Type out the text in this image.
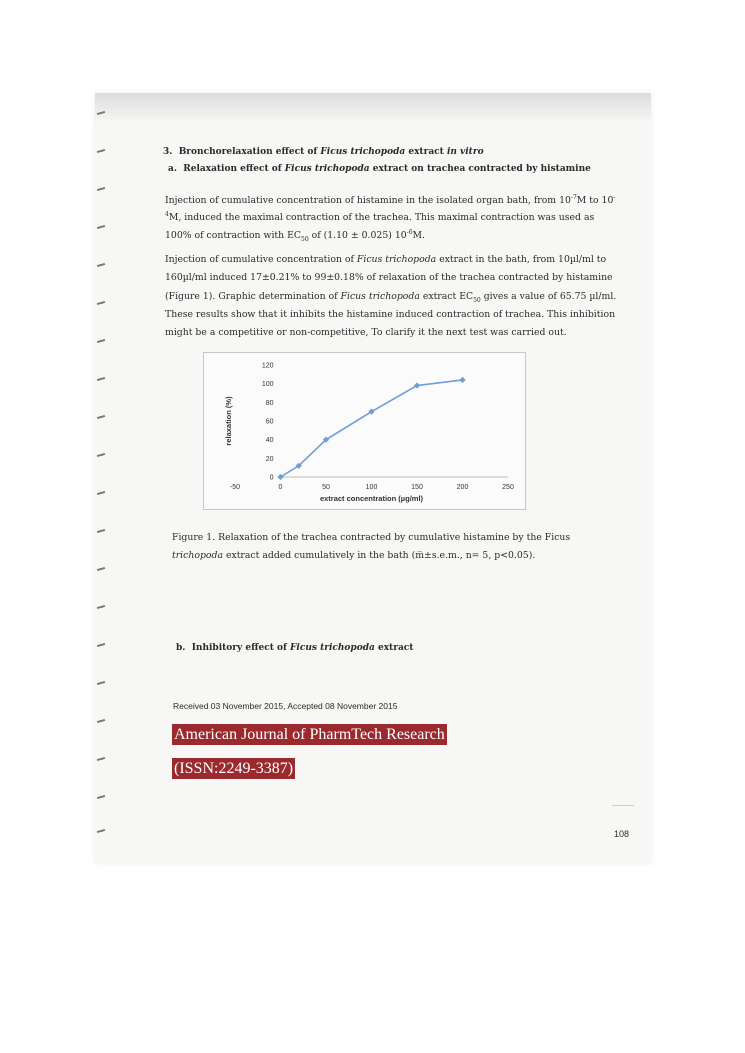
3. Bronchorelaxation effect of Ficus trichopoda extract in vitro
a. Relaxation effect of Ficus trichopoda extract on trachea contracted by histamine
Injection of cumulative concentration of histamine in the isolated organ bath, from $10^{-7}M$ to 10-
$^4$M, induced the maximal contraction of the trachea. This maximal contraction was used as
100% of contraction with $EC_{50}$ of (1.10 ± 0.025) $10^{-6}M$.
Injection of cumulative concentration of Ficus trichopoda extract in the bath, from 10µl/ml to
160µl/ml induced 17±0.21% to 99±0.18% of relaxation of the trachea contracted by histamine
(Figure 1). Graphic determination of Ficus trichopoda extract $EC_{50}$ gives a value of 65.75 µl/ml.
These results show that it inhibits the histamine induced contraction of trachea. This inhibition
might be a competitive or non-competitive, To clarify it the next test was carried out.
0
20
40
60
80
100
120
-50	0	50	100	150	200	250
relaxation (%)
extract concentration (µg/ml)
Figure 1. Relaxation of the trachea contracted by cumulative histamine by the Ficus
trichopoda extract added cumulatively in the bath (m̅±s.e.m., n= 5, p<0.05).
b. Inhibitory effect of Ficus trichopoda extract
Received 03 November 2015, Accepted 08 November 2015
American Journal of PharmTech Research
(ISSN:2249-3387)
108
